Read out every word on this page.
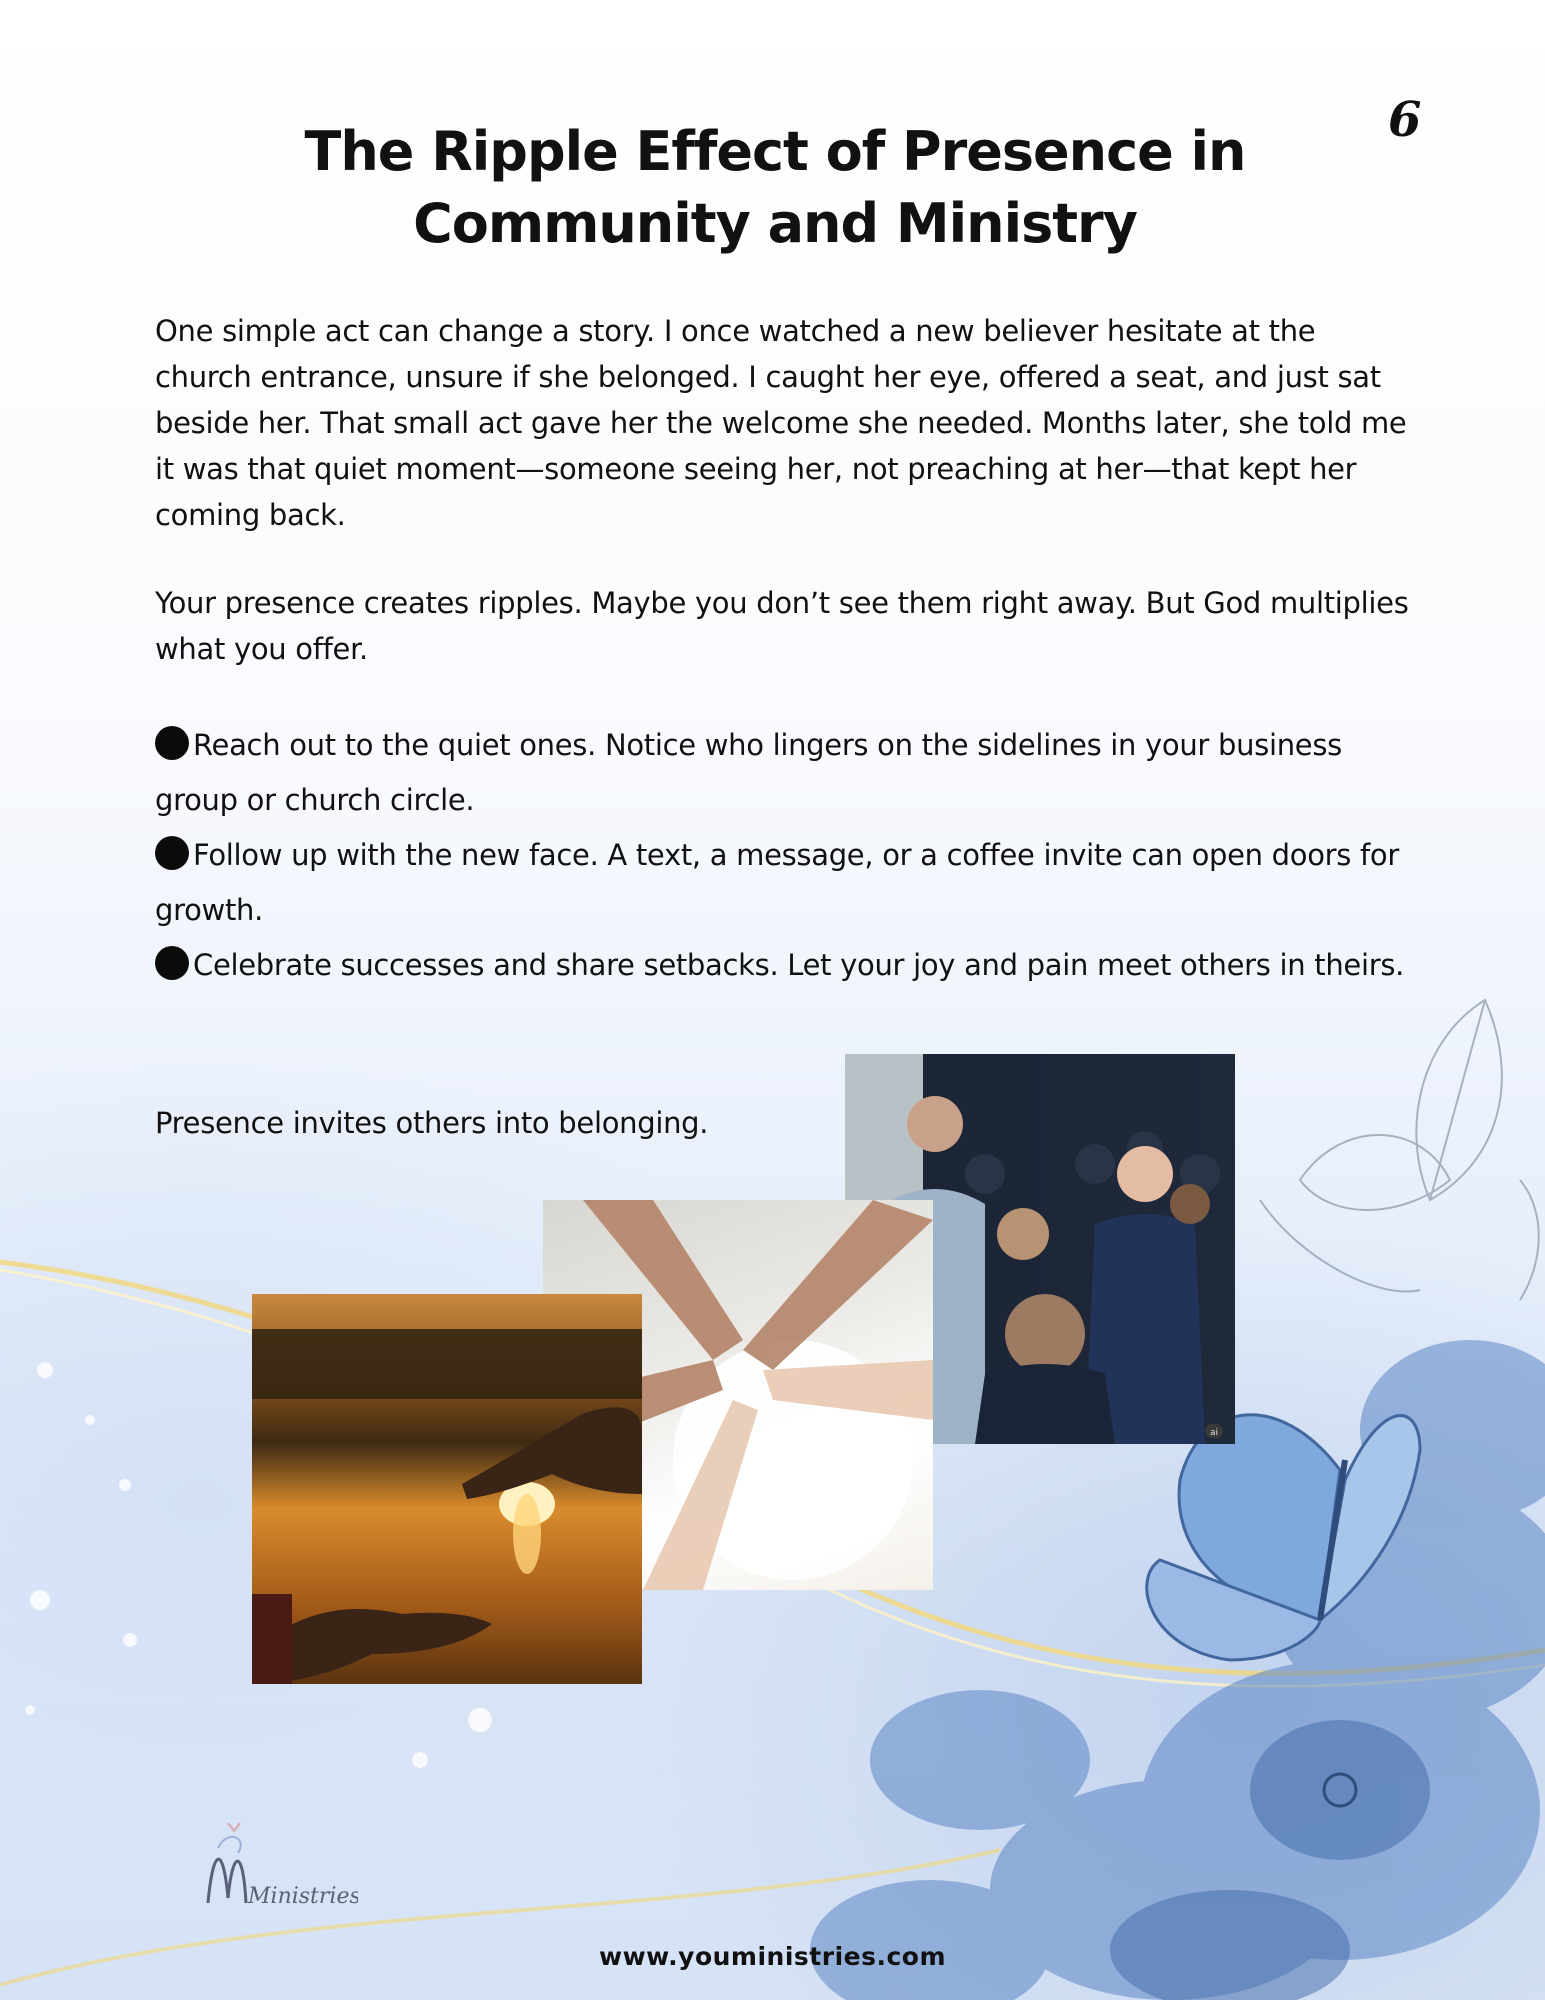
6
The Ripple Effect of Presence in Community and Ministry

One simple act can change a story. I once watched a new believer hesitate at the church entrance, unsure if she belonged. I caught her eye, offered a seat, and just sat beside her. That small act gave her the welcome she needed. Months later, she told me it was that quiet moment—someone seeing her, not preaching at her—that kept her coming back.

Your presence creates ripples. Maybe you don’t see them right away. But God multiplies what you offer.

Reach out to the quiet ones. Notice who lingers on the sidelines in your business group or church circle.
Follow up with the new face. A text, a message, or a coffee invite can open doors for growth.
Celebrate successes and share setbacks. Let your joy and pain meet others in theirs.

Presence invites others into belonging.

ai
Ministries
www.youministries.com
